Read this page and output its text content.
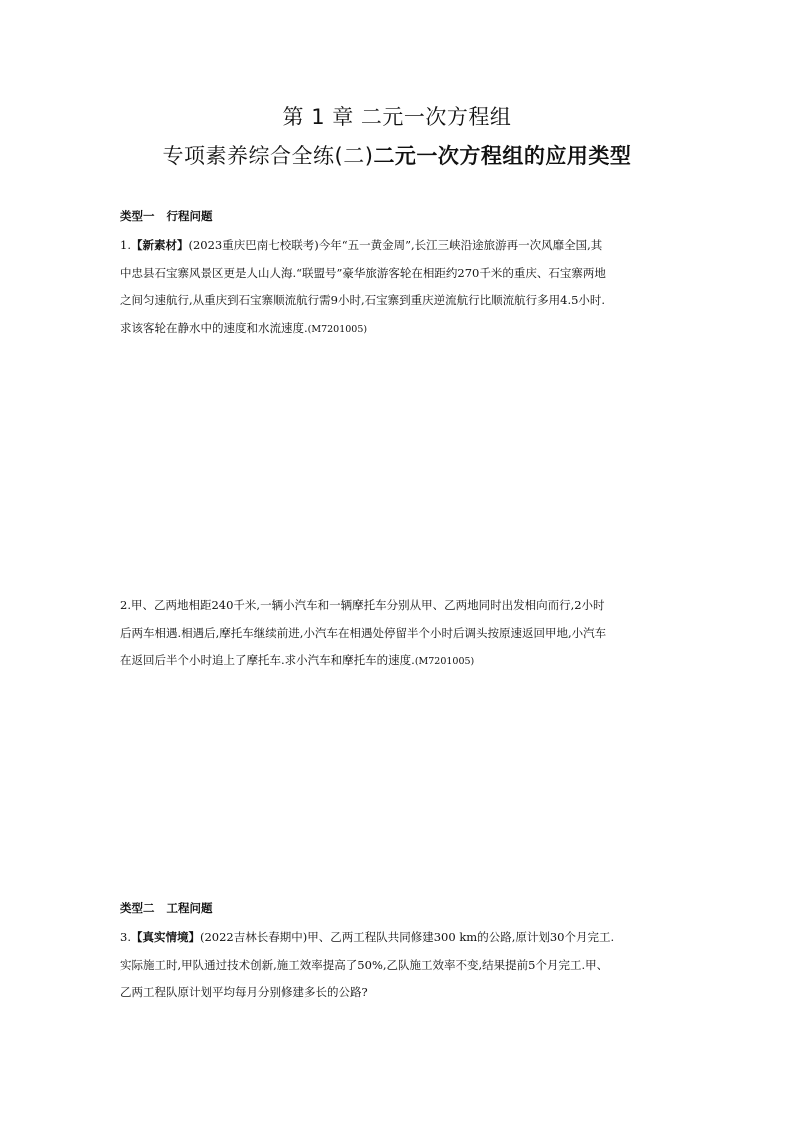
第 1 章 二元一次方程组
专项素养综合全练(二)二元一次方程组的应用类型
类型一 行程问题
1.【新素材】(2023重庆巴南七校联考)今年“五一黄金周”,长江三峡沿途旅游再一次风靡全国,其
中忠县石宝寨风景区更是人山人海.“联盟号”豪华旅游客轮在相距约270千米的重庆、石宝寨两地
之间匀速航行,从重庆到石宝寨顺流航行需9小时,石宝寨到重庆逆流航行比顺流航行多用4.5小时.
求该客轮在静水中的速度和水流速度.(M7201005)
2.甲、乙两地相距240千米,一辆小汽车和一辆摩托车分别从甲、乙两地同时出发相向而行,2小时
后两车相遇.相遇后,摩托车继续前进,小汽车在相遇处停留半个小时后调头按原速返回甲地,小汽车
在返回后半个小时追上了摩托车.求小汽车和摩托车的速度.(M7201005)
类型二 工程问题
3.【真实情境】(2022吉林长春期中)甲、乙两工程队共同修建300 km的公路,原计划30个月完工.
实际施工时,甲队通过技术创新,施工效率提高了50%,乙队施工效率不变,结果提前5个月完工.甲、
乙两工程队原计划平均每月分别修建多长的公路?
